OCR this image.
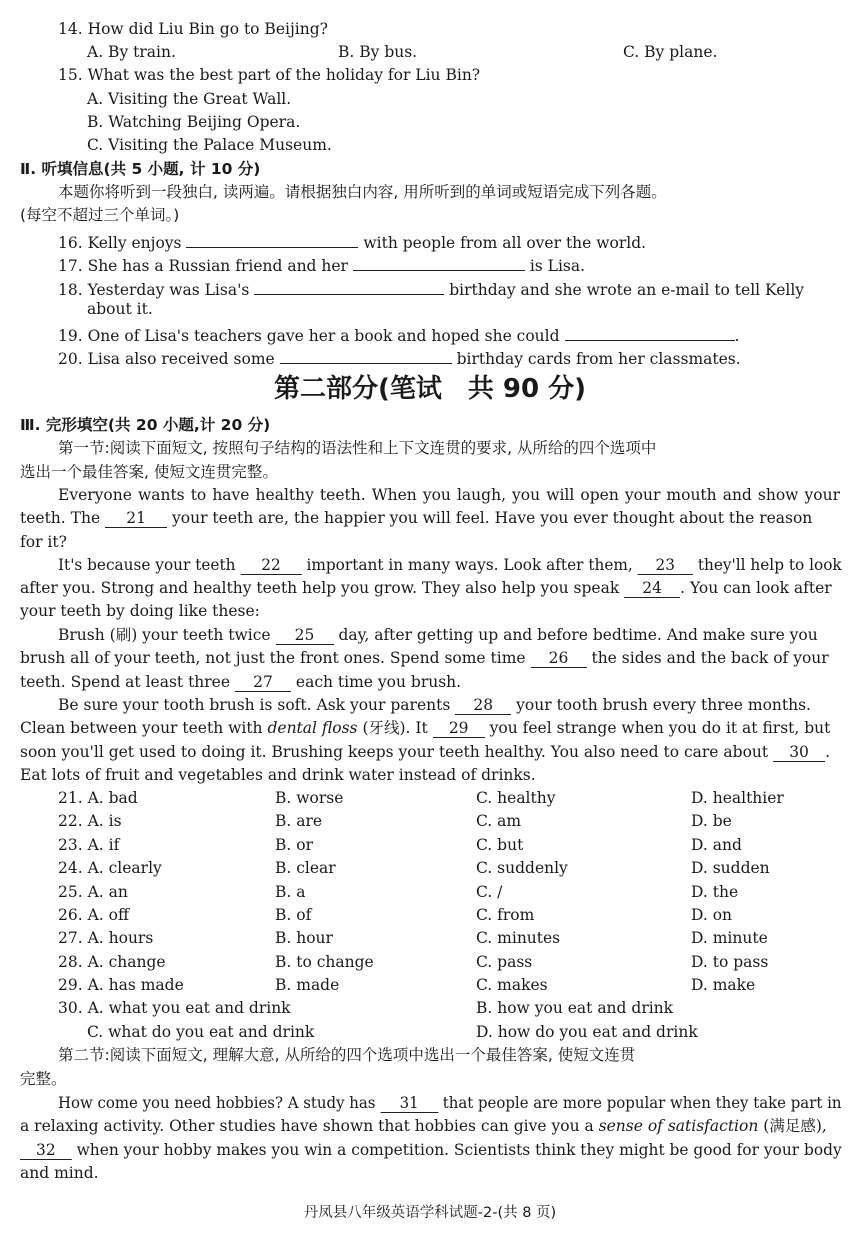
14. How did Liu Bin go to Beijing?
A. By train.	B. By bus.	C. By plane.
15. What was the best part of the holiday for Liu Bin?
A. Visiting the Great Wall.
B. Watching Beijing Opera.
C. Visiting the Palace Museum.
Ⅱ. 听填信息(共 5 小题, 计 10 分)
本题你将听到一段独白, 读两遍。请根据独白内容, 用所听到的单词或短语完成下列各题。
(每空不超过三个单词。)
16. Kelly enjoys	with people from all over the world.
17. She has a Russian friend and her	is Lisa.
18. Yesterday was Lisa's	birthday and she wrote an e-mail to tell Kelly
about it.
19. One of Lisa's teachers gave her a book and hoped she could	.
20. Lisa also received some	birthday cards from her classmates.
第二部分(笔试　共 90 分)
Ⅲ. 完形填空(共 20 小题,计 20 分)
第一节:阅读下面短文, 按照句子结构的语法性和上下文连贯的要求, 从所给的四个选项中
选出一个最佳答案, 使短文连贯完整。
Everyone wants to have healthy teeth. When you laugh, you will open your mouth and show your
teeth. The 21 your teeth are, the happier you will feel. Have you ever thought about the reason
for it?
It's because your teeth 22 important in many ways. Look after them, 23 they'll help to look
after you. Strong and healthy teeth help you grow. They also help you speak 24 . You can look after
your teeth by doing like these:
Brush (刷) your teeth twice 25 day, after getting up and before bedtime. And make sure you
brush all of your teeth, not just the front ones. Spend some time 26 the sides and the back of your
teeth. Spend at least three 27 each time you brush.
Be sure your tooth brush is soft. Ask your parents 28 your tooth brush every three months.
Clean between your teeth with dental floss (牙线). It 29 you feel strange when you do it at first, but
soon you'll get used to doing it. Brushing keeps your teeth healthy. You also need to care about 30 .
Eat lots of fruit and vegetables and drink water instead of drinks.
21. A. bad	B. worse	C. healthy	D. healthier
22. A. is	B. are	C. am	D. be
23. A. if	B. or	C. but	D. and
24. A. clearly	B. clear	C. suddenly	D. sudden
25. A. an	B. a	C. /	D. the
26. A. off	B. of	C. from	D. on
27. A. hours	B. hour	C. minutes	D. minute
28. A. change	B. to change	C. pass	D. to pass
29. A. has made	B. made	C. makes	D. make
30. A. what you eat and drink	B. how you eat and drink
C. what do you eat and drink	D. how do you eat and drink
第二节:阅读下面短文, 理解大意, 从所给的四个选项中选出一个最佳答案, 使短文连贯
完整。
How come you need hobbies? A study has 31 that people are more popular when they take part in
a relaxing activity. Other studies have shown that hobbies can give you a sense of satisfaction (满足感),
32 when your hobby makes you win a competition. Scientists think they might be good for your body
and mind.
丹凤县八年级英语学科试题-2-(共 8 页)
